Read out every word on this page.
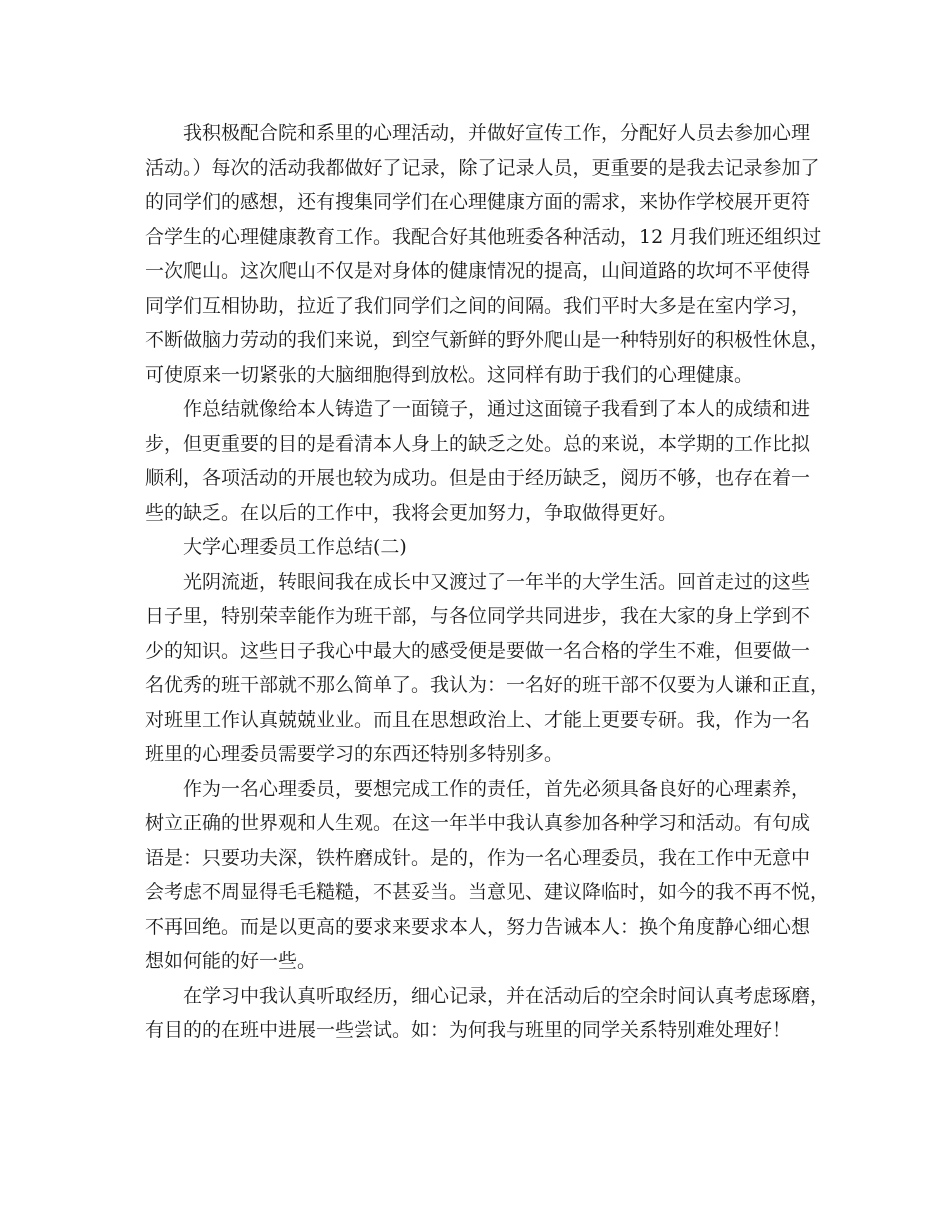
我积极配合院和系里的心理活动，并做好宣传工作，分配好人员去参加心理
活动。）每次的活动我都做好了记录，除了记录人员，更重要的是我去记录参加了
的同学们的感想，还有搜集同学们在心理健康方面的需求，来协作学校展开更符
合学生的心理健康教育工作。我配合好其他班委各种活动，12 月我们班还组织过
一次爬山。这次爬山不仅是对身体的健康情况的提高，山间道路的坎坷不平使得
同学们互相协助，拉近了我们同学们之间的间隔。我们平时大多是在室内学习，
不断做脑力劳动的我们来说，到空气新鲜的野外爬山是一种特别好的积极性休息，
可使原来一切紧张的大脑细胞得到放松。这同样有助于我们的心理健康。
作总结就像给本人铸造了一面镜子，通过这面镜子我看到了本人的成绩和进
步，但更重要的目的是看清本人身上的缺乏之处。总的来说，本学期的工作比拟
顺利，各项活动的开展也较为成功。但是由于经历缺乏，阅历不够，也存在着一
些的缺乏。在以后的工作中，我将会更加努力，争取做得更好。
大学心理委员工作总结(二)
光阴流逝，转眼间我在成长中又渡过了一年半的大学生活。回首走过的这些
日子里，特别荣幸能作为班干部，与各位同学共同进步，我在大家的身上学到不
少的知识。这些日子我心中最大的感受便是要做一名合格的学生不难，但要做一
名优秀的班干部就不那么简单了。我认为：一名好的班干部不仅要为人谦和正直，
对班里工作认真兢兢业业。而且在思想政治上、才能上更要专研。我，作为一名
班里的心理委员需要学习的东西还特别多特别多。
作为一名心理委员，要想完成工作的责任，首先必须具备良好的心理素养，
树立正确的世界观和人生观。在这一年半中我认真参加各种学习和活动。有句成
语是：只要功夫深，铁杵磨成针。是的，作为一名心理委员，我在工作中无意中
会考虑不周显得毛毛糙糙，不甚妥当。当意见、建议降临时，如今的我不再不悦，
不再回绝。而是以更高的要求来要求本人，努力告诫本人：换个角度静心细心想
想如何能的好一些。
在学习中我认真听取经历，细心记录，并在活动后的空余时间认真考虑琢磨，
有目的的在班中进展一些尝试。如：为何我与班里的同学关系特别难处理好！
